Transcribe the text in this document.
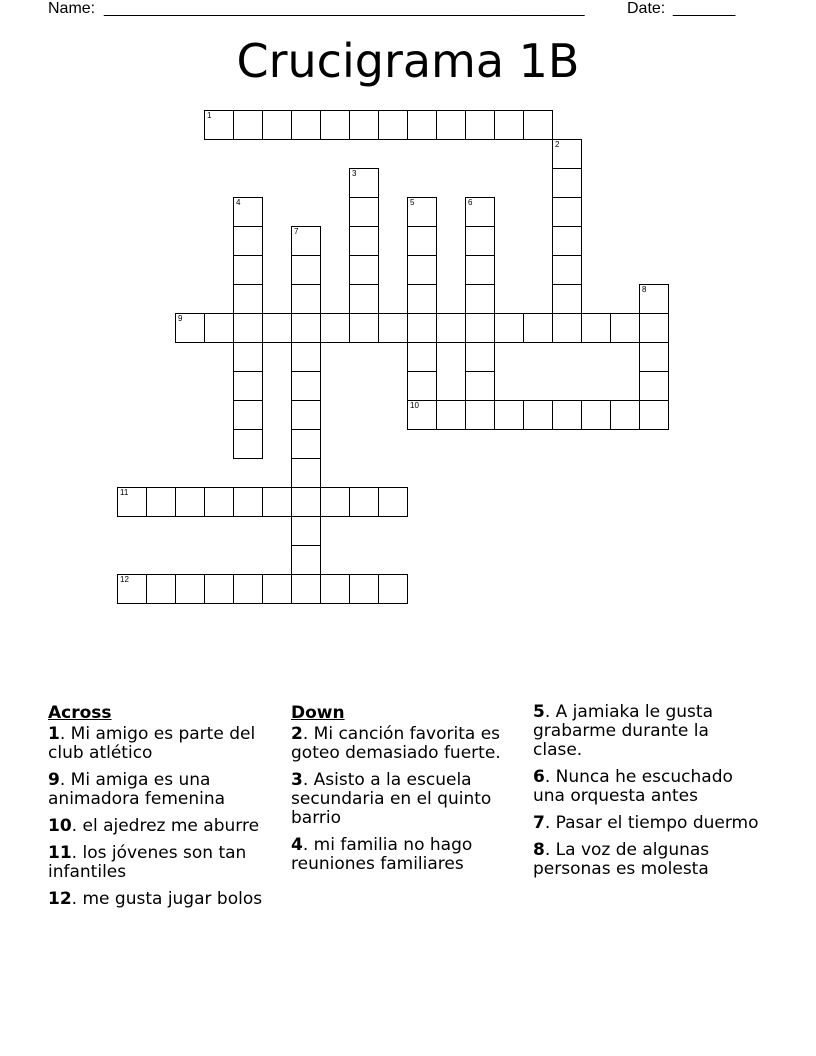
Name: ______________________________________________________	Date: _______
Crucigrama 1B
1
2
3
4	5
10
6
7
8
9
11
12
Across
1. Mi amigo es parte del club atlético
9. Mi amiga es una animadora femenina
10. el ajedrez me aburre
11. los jóvenes son tan infantiles
12. me gusta jugar bolos
Down
2. Mi canción favorita es goteo demasiado fuerte.
3. Asisto a la escuela secundaria en el quinto barrio
4. mi familia no hago reuniones familiares
5. A jamiaka le gusta grabarme durante la clase.
6. Nunca he escuchado una orquesta antes
7. Pasar el tiempo duermo
8. La voz de algunas personas es molesta
